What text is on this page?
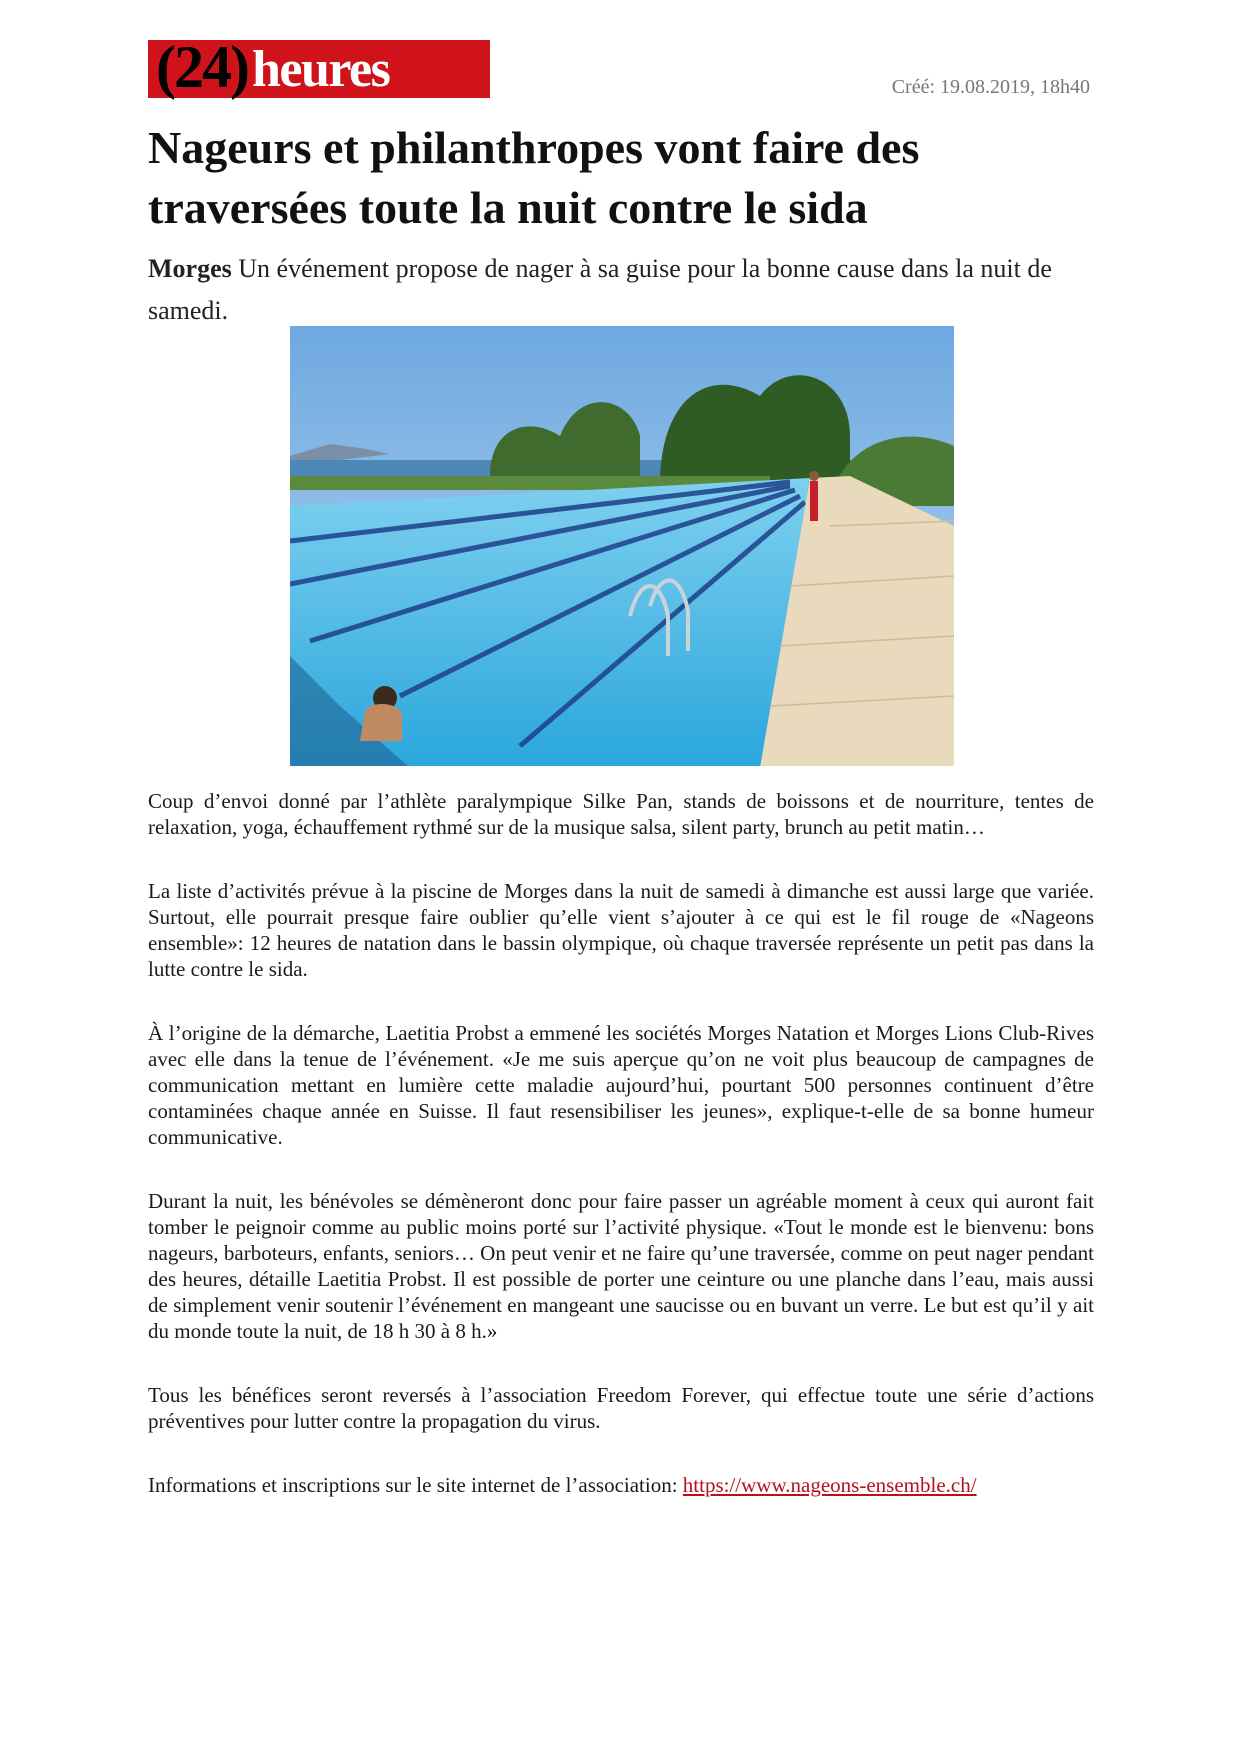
( 24 ) heures	Créé: 19.08.2019, 18h40
Nageurs et philanthropes vont faire des traversées toute la nuit contre le sida

Morges Un événement propose de nager à sa guise pour la bonne cause dans la nuit de samedi.

Coup d’envoi donné par l’athlète paralympique Silke Pan, stands de boissons et de nourriture, tentes de relaxation, yoga, échauffement rythmé sur de la musique salsa, silent party, brunch au petit matin…

La liste d’activités prévue à la piscine de Morges dans la nuit de samedi à dimanche est aussi large que variée. Surtout, elle pourrait presque faire oublier qu’elle vient s’ajouter à ce qui est le fil rouge de «Nageons ensemble»: 12 heures de natation dans le bassin olympique, où chaque traversée représente un petit pas dans la lutte contre le sida.

À l’origine de la démarche, Laetitia Probst a emmené les sociétés Morges Natation et Morges Lions Club-Rives avec elle dans la tenue de l’événement. «Je me suis aperçue qu’on ne voit plus beaucoup de campagnes de communication mettant en lumière cette maladie aujourd’hui, pourtant 500 personnes continuent d’être contaminées chaque année en Suisse. Il faut resensibiliser les jeunes», explique-t-elle de sa bonne humeur communicative.

Durant la nuit, les bénévoles se démèneront donc pour faire passer un agréable moment à ceux qui auront fait tomber le peignoir comme au public moins porté sur l’activité physique. «Tout le monde est le bienvenu: bons nageurs, barboteurs, enfants, seniors… On peut venir et ne faire qu’une traversée, comme on peut nager pendant des heures, détaille Laetitia Probst. Il est possible de porter une ceinture ou une planche dans l’eau, mais aussi de simplement venir soutenir l’événement en mangeant une saucisse ou en buvant un verre. Le but est qu’il y ait du monde toute la nuit, de 18 h 30 à 8 h.»

Tous les bénéfices seront reversés à l’association Freedom Forever, qui effectue toute une série d’actions préventives pour lutter contre la propagation du virus.

Informations et inscriptions sur le site internet de l’association: https://www.nageons-ensemble.ch/
